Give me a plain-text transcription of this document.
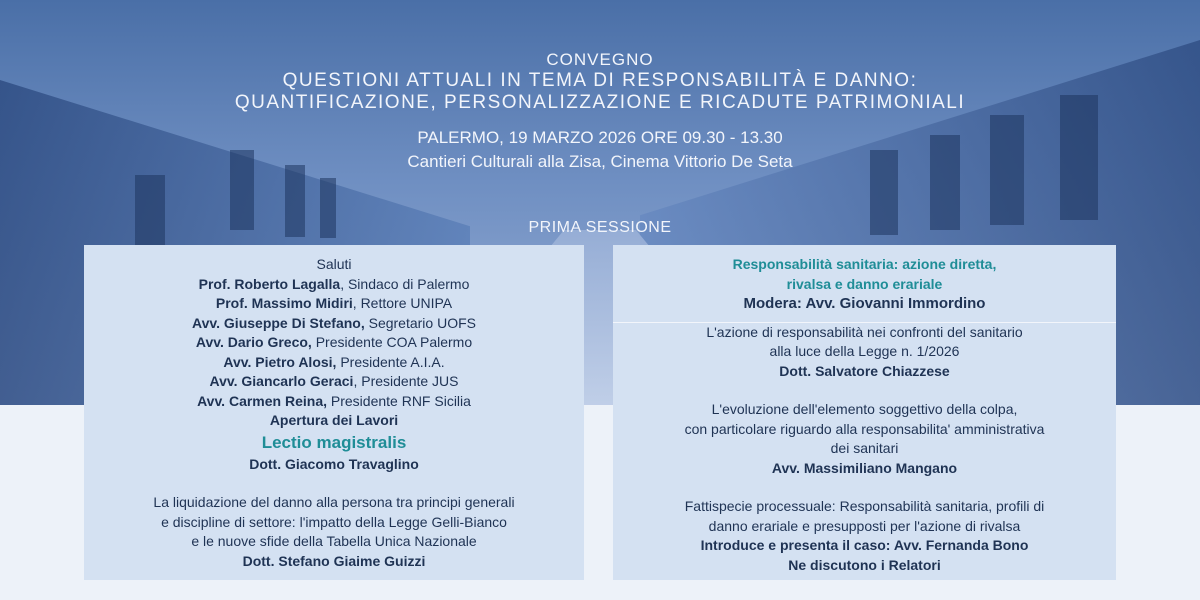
CONVEGNO
QUESTIONI ATTUALI IN TEMA DI RESPONSABILITÀ E DANNO:
QUANTIFICAZIONE, PERSONALIZZAZIONE E RICADUTE PATRIMONIALI
PALERMO, 19 MARZO 2026 ORE 09.30 - 13.30
Cantieri Culturali alla Zisa, Cinema Vittorio De Seta
PRIMA SESSIONE
Saluti
Prof. Roberto Lagalla, Sindaco di Palermo
Prof. Massimo Midiri, Rettore UNIPA
Avv. Giuseppe Di Stefano, Segretario UOFS
Avv. Dario Greco, Presidente COA Palermo
Avv. Pietro Alosi, Presidente A.I.A.
Avv. Giancarlo Geraci, Presidente JUS
Avv. Carmen Reina, Presidente RNF Sicilia
Apertura dei Lavori
Lectio magistralis
Dott. Giacomo Travaglino
La liquidazione del danno alla persona tra principi generali
e discipline di settore: l'impatto della Legge Gelli-Bianco
e le nuove sfide della Tabella Unica Nazionale
Dott. Stefano Giaime Guizzi
Responsabilità sanitaria: azione diretta,
rivalsa e danno erariale
Modera: Avv. Giovanni Immordino
L'azione di responsabilità nei confronti del sanitario
alla luce della Legge n. 1/2026
Dott. Salvatore Chiazzese
L'evoluzione dell'elemento soggettivo della colpa,
con particolare riguardo alla responsabilita' amministrativa
dei sanitari
Avv. Massimiliano Mangano
Fattispecie processuale: Responsabilità sanitaria, profili di
danno erariale e presupposti per l'azione di rivalsa
Introduce e presenta il caso: Avv. Fernanda Bono
Ne discutono i Relatori
